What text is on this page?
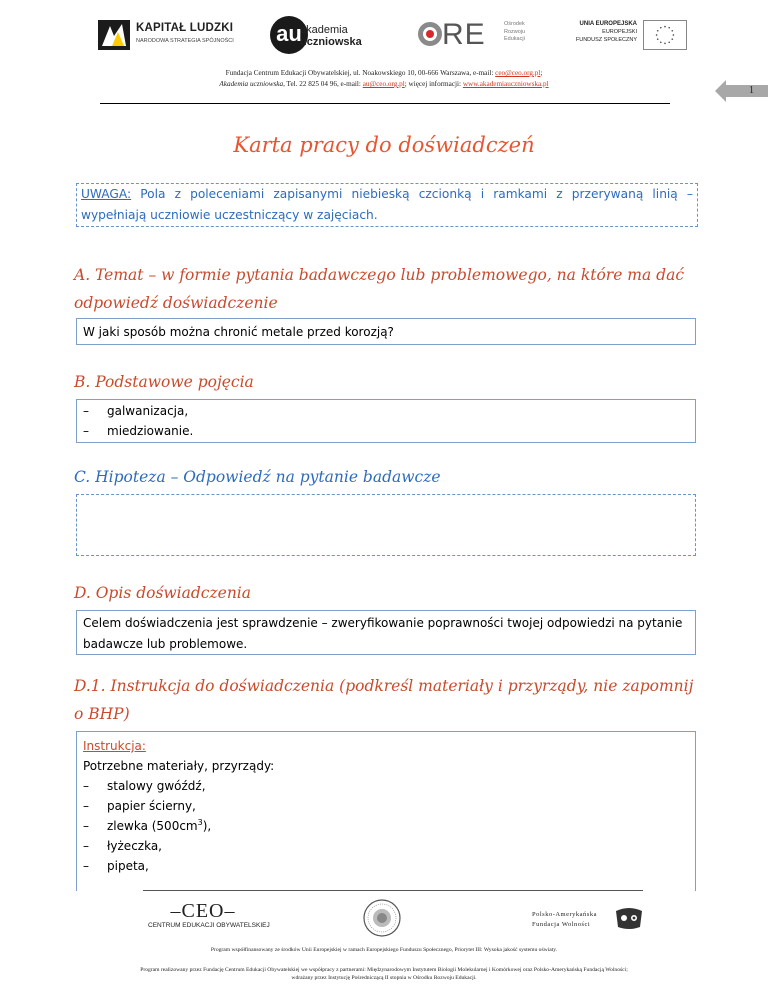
KAPITAŁ LUDZKI
NARODOWA STRATEGIA SPÓJNOŚCI au
akademia
uczniowska	RE	Ośrodek
Rozwoju
Edukacji
UNIA EUROPEJSKA
EUROPEJSKI
FUNDUSZ SPOŁECZNY
Fundacja Centrum Edukacji Obywatelskiej, ul. Noakowskiego 10, 00-666 Warszawa, e-mail: ceo@ceo.org.pl;
Akademia uczniowska, Tel. 22 825 04 96, e-mail: au@ceo.org.pl; więcej informacji: www.akademiauczniowska.pl
1
Karta pracy do doświadczeń
UWAGA: Pola z poleceniami zapisanymi niebieską czcionką i ramkami z przerywaną linią – wypełniają uczniowie uczestniczący w zajęciach.
A. Temat – w formie pytania badawczego lub problemowego, na które ma dać odpowiedź doświadczenie
W jaki sposób można chronić metale przed korozją?
B. Podstawowe pojęcia
– galwanizacja,
– miedziowanie.
C. Hipoteza – Odpowiedź na pytanie badawcze
D. Opis doświadczenia
Celem doświadczenia jest sprawdzenie – zweryfikowanie poprawności twojej odpowiedzi na pytanie badawcze lub problemowe.
D.1. Instrukcja do doświadczenia (podkreśl materiały i przyrządy, nie zapomnij o BHP)
Instrukcja:
Potrzebne materiały, przyrządy:
– stalowy gwóźdź,
– papier ścierny,
– zlewka $(500cm^3)$,
– łyżeczka,
– pipeta,
–CEO–
CENTRUM EDUKACJI OBYWATELSKIEJ
Polsko-Amerykańska
Fundacja Wolności
Program współfinansowany ze środków Unii Europejskiej w ramach Europejskiego Funduszu Społecznego, Priorytet III: Wysoka jakość systemu oświaty.
Program realizowany przez Fundację Centrum Edukacji Obywatelskiej we współpracy z partnerami: Międzynarodowym Instytutem Biologii Molekularnej i Komórkowej oraz Polsko-Amerykańską Fundacją Wolności;
wdrażany przez Instytucję Pośredniczącą II stopnia w Ośrodku Rozwoju Edukacji.
